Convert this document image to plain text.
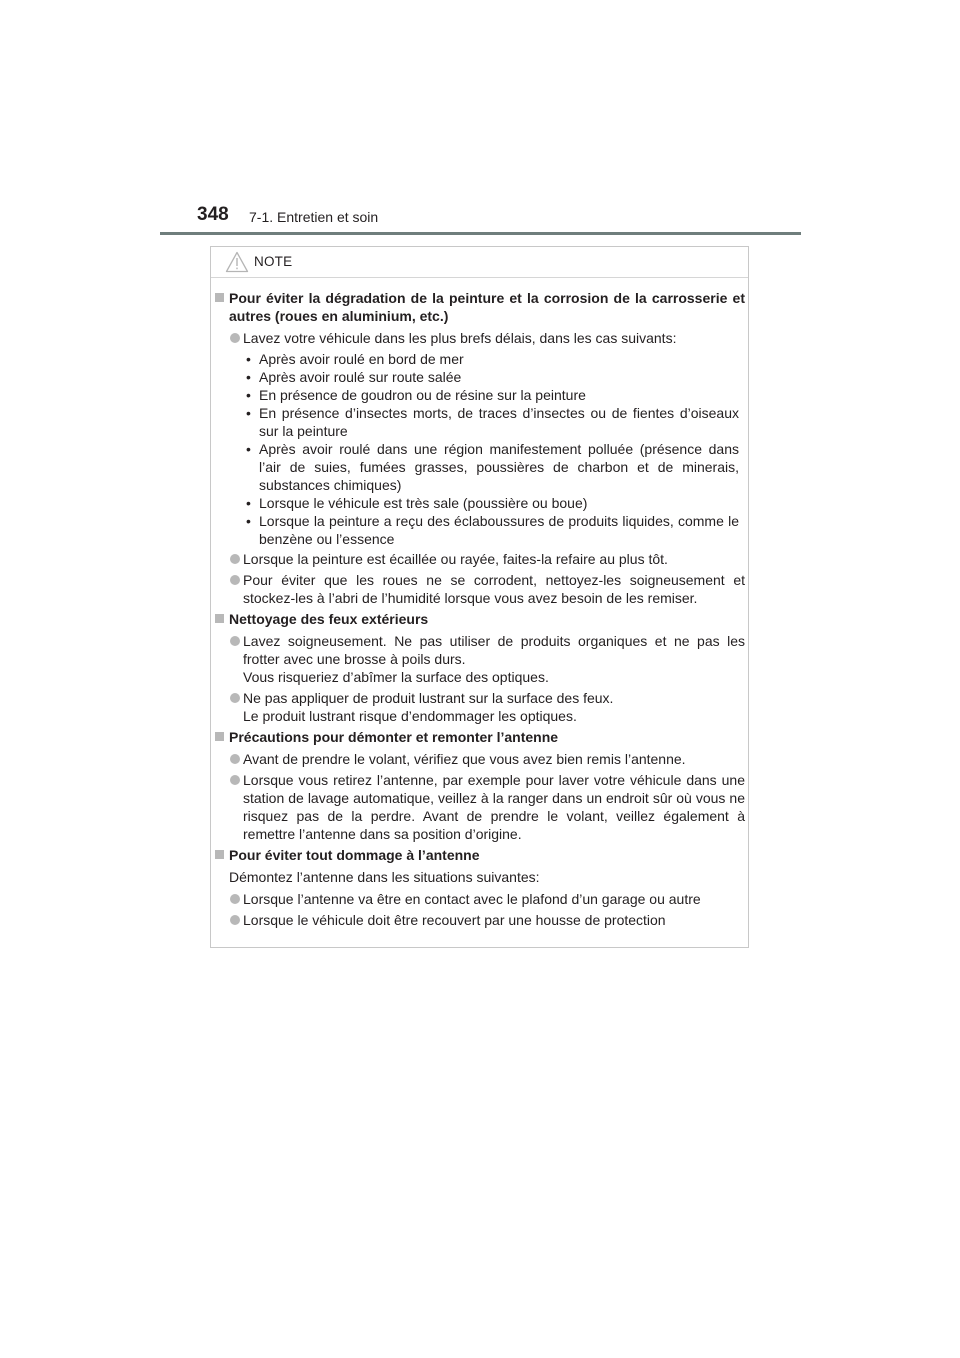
348 7-1. Entretien et soin
NOTE
Pour éviter la dégradation de la peinture et la corrosion de la carrosserie et autres (roues en aluminium, etc.)
Lavez votre véhicule dans les plus brefs délais, dans les cas suivants:
• Après avoir roulé en bord de mer
• Après avoir roulé sur route salée
• En présence de goudron ou de résine sur la peinture
• En présence d’insectes morts, de traces d’insectes ou de fientes d’oiseaux sur la peinture
• Après avoir roulé dans une région manifestement polluée (présence dans l’air de suies, fumées grasses, poussières de charbon et de minerais, substances chimiques)
• Lorsque le véhicule est très sale (poussière ou boue)
• Lorsque la peinture a reçu des éclaboussures de produits liquides, comme le benzène ou l’essence
Lorsque la peinture est écaillée ou rayée, faites-la refaire au plus tôt.
Pour éviter que les roues ne se corrodent, nettoyez-les soigneusement et stockez-les à l’abri de l’humidité lorsque vous avez besoin de les remiser.
Nettoyage des feux extérieurs

Lavez soigneusement. Ne pas utiliser de produits organiques et ne pas les frotter avec une brosse à poils durs.

Vous risqueriez d’abîmer la surface des optiques.

Ne pas appliquer de produit lustrant sur la surface des feux.

Le produit lustrant risque d’endommager les optiques.

Précautions pour démonter et remonter l’antenne
Avant de prendre le volant, vérifiez que vous avez bien remis l’antenne.
Lorsque vous retirez l’antenne, par exemple pour laver votre véhicule dans une station de lavage automatique, veillez à la ranger dans un endroit sûr où vous ne risquez pas de la perdre. Avant de prendre le volant, veillez également à remettre l’antenne dans sa position d’origine.
Pour éviter tout dommage à l’antenne
Démontez l’antenne dans les situations suivantes:
Lorsque l’antenne va être en contact avec le plafond d’un garage ou autre
Lorsque le véhicule doit être recouvert par une housse de protection
